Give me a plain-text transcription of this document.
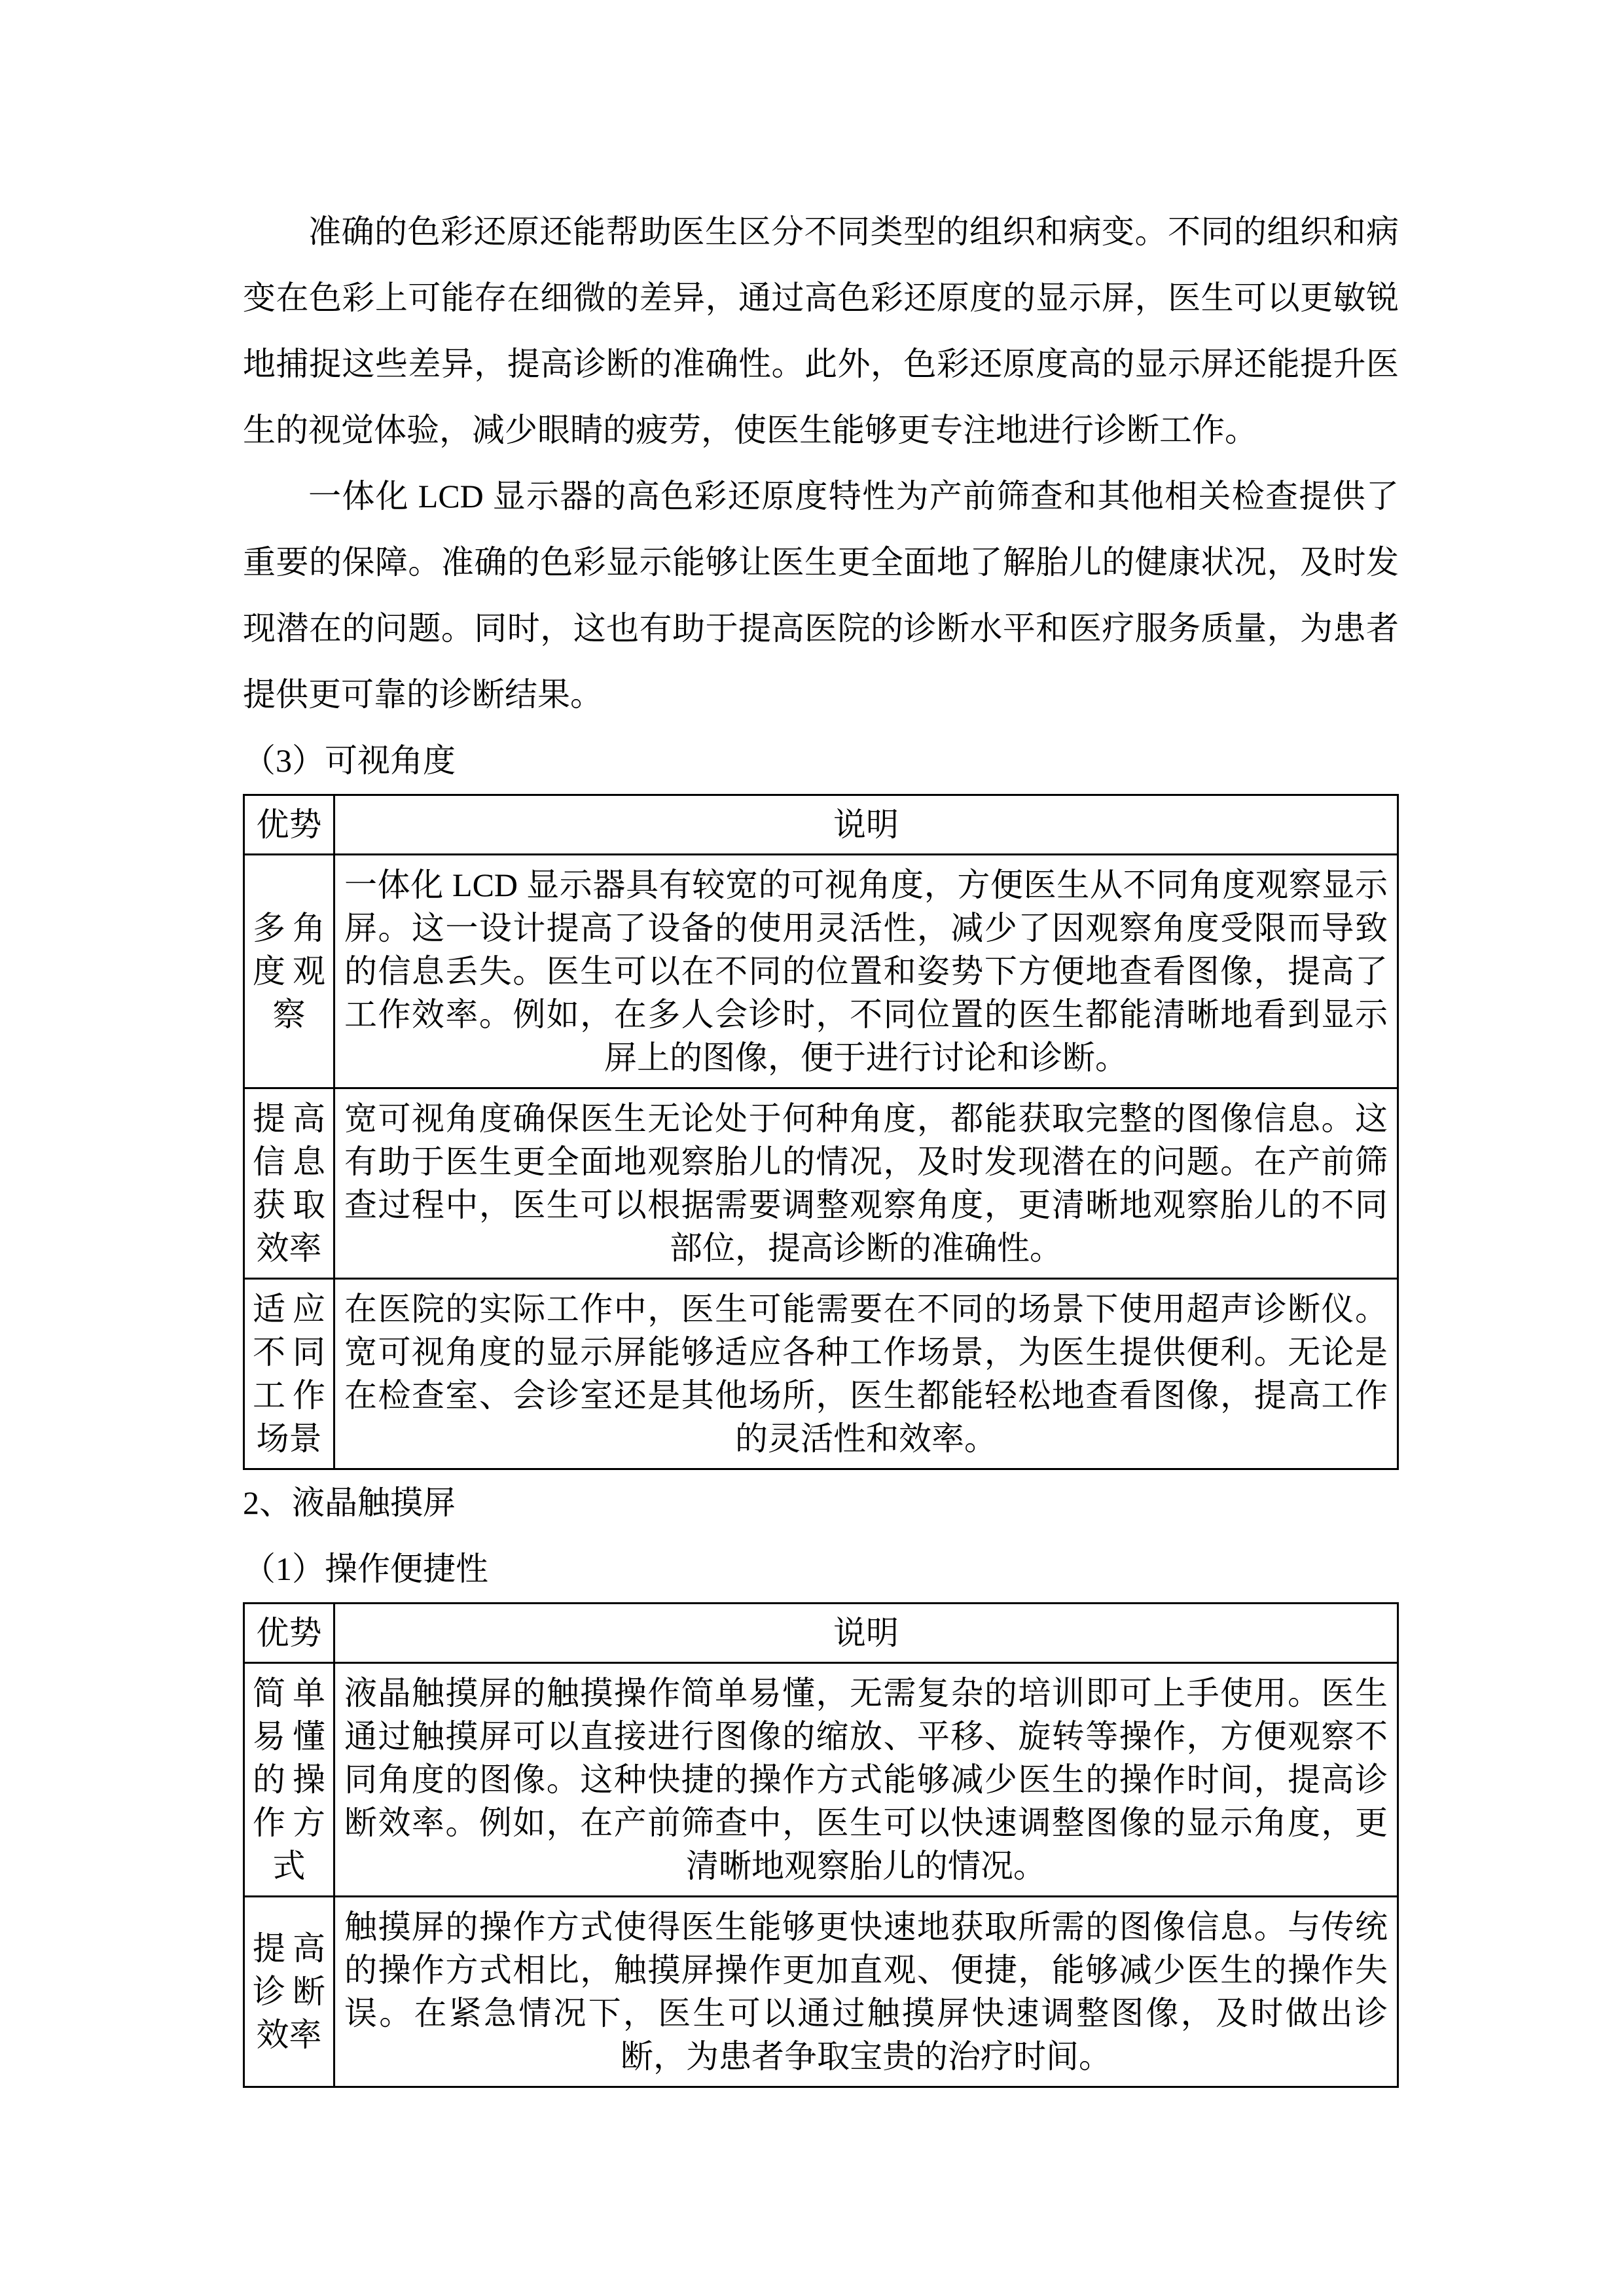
准确的色彩还原还能帮助医生区分不同类型的组织和病变。不同的组织和病变在色彩上可能存在细微的差异，通过高色彩还原度的显示屏，医生可以更敏锐地捕捉这些差异，提高诊断的准确性。此外，色彩还原度高的显示屏还能提升医生的视觉体验，减少眼睛的疲劳，使医生能够更专注地进行诊断工作。

一体化 LCD 显示器的高色彩还原度特性为产前筛查和其他相关检查提供了重要的保障。准确的色彩显示能够让医生更全面地了解胎儿的健康状况，及时发现潜在的问题。同时，这也有助于提高医院的诊断水平和医疗服务质量，为患者提供更可靠的诊断结果。

（3）可视角度
优势	说明
多角度观察	一体化 LCD 显示器具有较宽的可视角度，方便医生从不同角度观察显示屏。这一设计提高了设备的使用灵活性，减少了因观察角度受限而导致的信息丢失。医生可以在不同的位置和姿势下方便地查看图像，提高了工作效率。例如，在多人会诊时，不同位置的医生都能清晰地看到显示屏上的图像，便于进行讨论和诊断。
提高信息获取效率	宽可视角度确保医生无论处于何种角度，都能获取完整的图像信息。这有助于医生更全面地观察胎儿的情况，及时发现潜在的问题。在产前筛查过程中，医生可以根据需要调整观察角度，更清晰地观察胎儿的不同部位，提高诊断的准确性。
适应不同工作场景	在医院的实际工作中，医生可能需要在不同的场景下使用超声诊断仪。宽可视角度的显示屏能够适应各种工作场景，为医生提供便利。无论是在检查室、会诊室还是其他场所，医生都能轻松地查看图像，提高工作的灵活性和效率。
2、液晶触摸屏
（1）操作便捷性
优势	说明
简单易懂的操作方式	液晶触摸屏的触摸操作简单易懂，无需复杂的培训即可上手使用。医生通过触摸屏可以直接进行图像的缩放、平移、旋转等操作，方便观察不同角度的图像。这种快捷的操作方式能够减少医生的操作时间，提高诊断效率。例如，在产前筛查中，医生可以快速调整图像的显示角度，更清晰地观察胎儿的情况。
提高诊断效率	触摸屏的操作方式使得医生能够更快速地获取所需的图像信息。与传统的操作方式相比，触摸屏操作更加直观、便捷，能够减少医生的操作失误。在紧急情况下，医生可以通过触摸屏快速调整图像，及时做出诊断，为患者争取宝贵的治疗时间。
